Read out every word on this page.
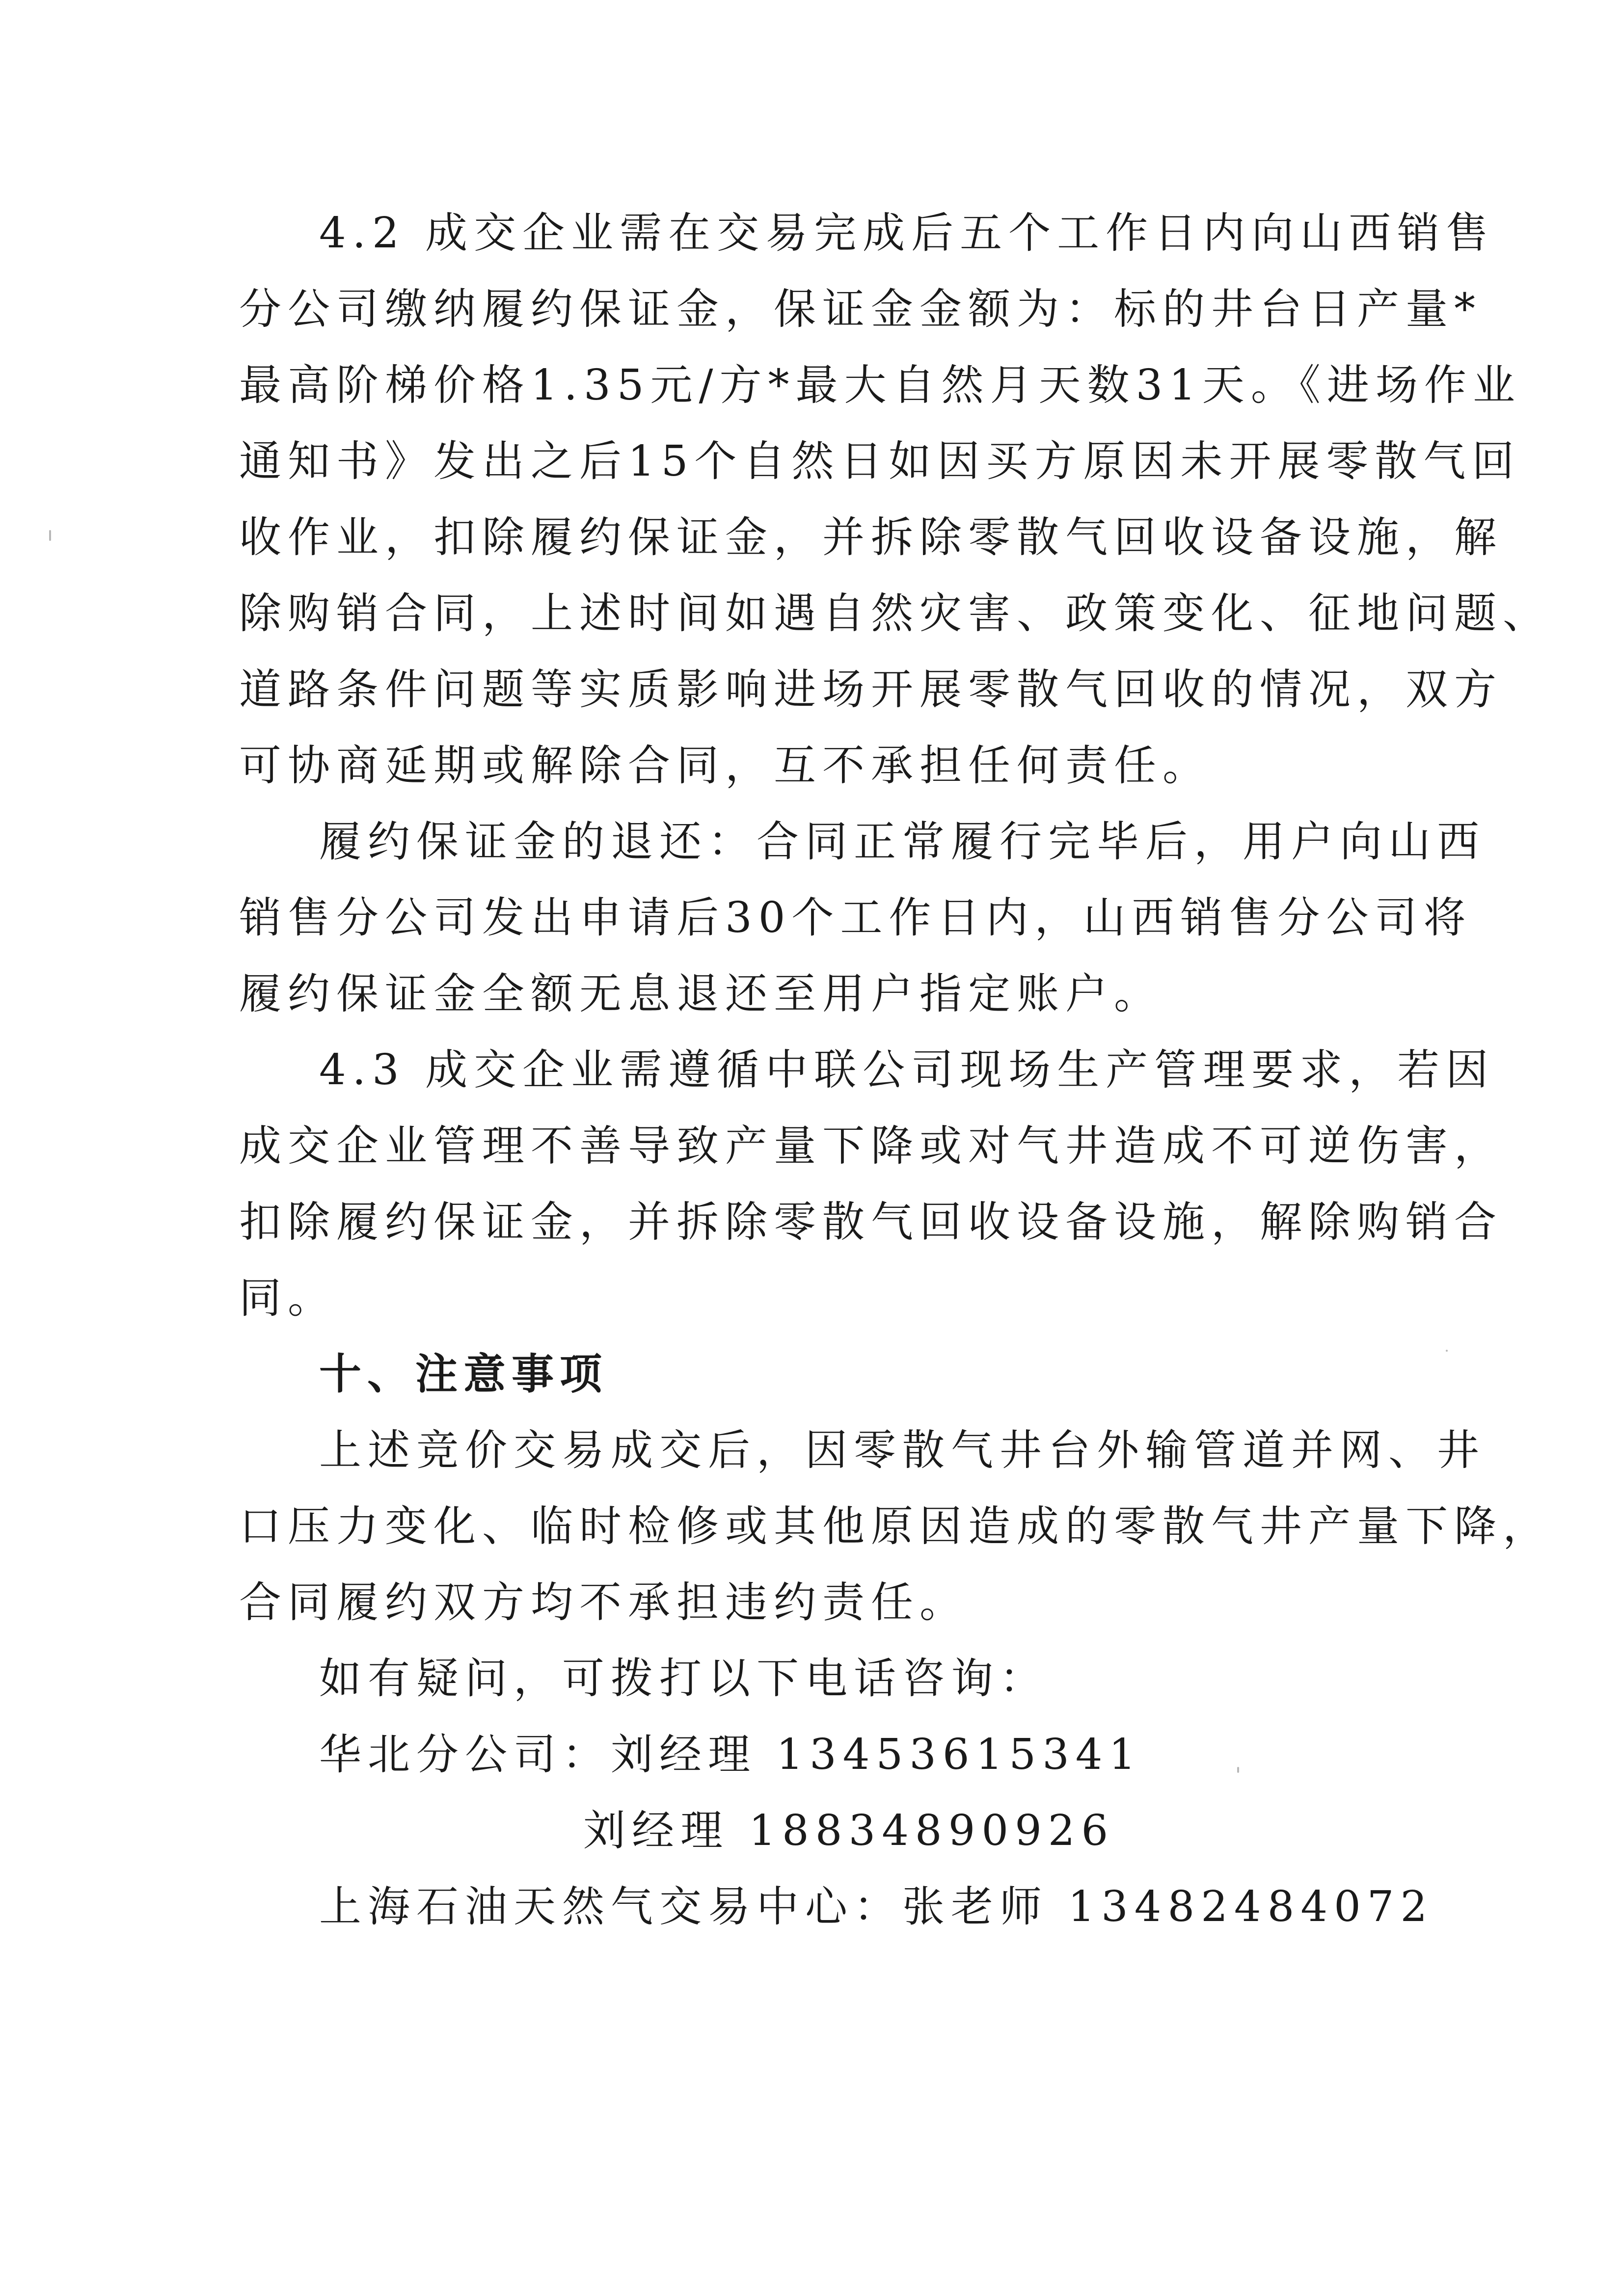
4.2 成交企业需在交易完成后五个工作日内向山西销售
分公司缴纳履约保证金，保证金金额为：标的井台日产量*
最高阶梯价格1.35元/方*最大自然月天数31天。《进场作业
通知书》发出之后15个自然日如因买方原因未开展零散气回
收作业，扣除履约保证金，并拆除零散气回收设备设施，解
除购销合同，上述时间如遇自然灾害、政策变化、征地问题、
道路条件问题等实质影响进场开展零散气回收的情况，双方
可协商延期或解除合同，互不承担任何责任。
履约保证金的退还：合同正常履行完毕后，用户向山西
销售分公司发出申请后30个工作日内，山西销售分公司将
履约保证金全额无息退还至用户指定账户。
4.3 成交企业需遵循中联公司现场生产管理要求，若因
成交企业管理不善导致产量下降或对气井造成不可逆伤害，
扣除履约保证金，并拆除零散气回收设备设施，解除购销合
同。
十、注意事项
上述竞价交易成交后，因零散气井台外输管道并网、井
口压力变化、临时检修或其他原因造成的零散气井产量下降，
合同履约双方均不承担违约责任。
如有疑问，可拨打以下电话咨询：
华北分公司：刘经理 13453615341
刘经理 18834890926
上海石油天然气交易中心：张老师 13482484072
